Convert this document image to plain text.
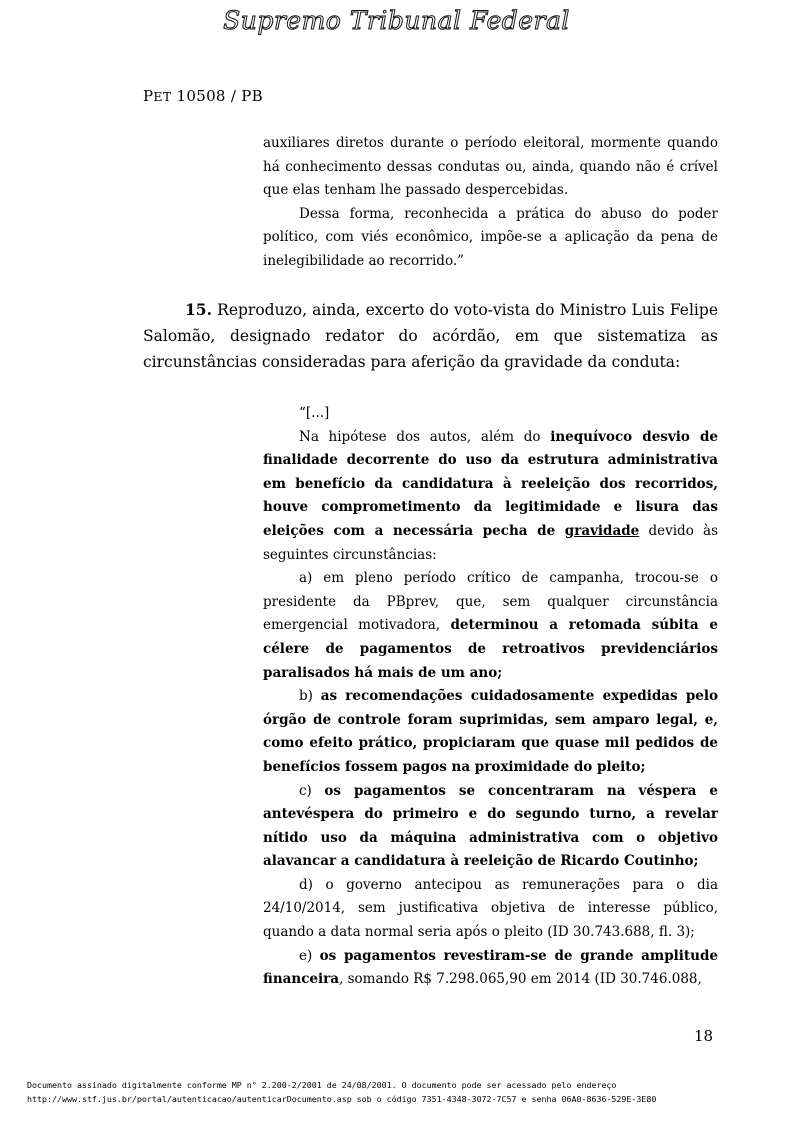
Supremo Tribunal Federal
PET 10508 / PB

auxiliares diretos durante o período eleitoral, mormente quando há conhecimento dessas condutas ou, ainda, quando não é crível que elas tenham lhe passado despercebidas.

Dessa forma, reconhecida a prática do abuso do poder político, com viés econômico, impõe-se a aplicação da pena de inelegibilidade ao recorrido.”

15. Reproduzo, ainda, excerto do voto-vista do Ministro Luis Felipe Salomão, designado redator do acórdão, em que sistematiza as circunstâncias consideradas para aferição da gravidade da conduta:

“[...]

Na hipótese dos autos, além do inequívoco desvio de finalidade decorrente do uso da estrutura administrativa em benefício da candidatura à reeleição dos recorridos, houve comprometimento da legitimidade e lisura das eleições com a necessária pecha de gravidade devido às seguintes circunstâncias:

a) em pleno período crítico de campanha, trocou-se o presidente da PBprev, que, sem qualquer circunstância emergencial motivadora, determinou a retomada súbita e célere de pagamentos de retroativos previdenciários paralisados há mais de um ano;

b) as recomendações cuidadosamente expedidas pelo órgão de controle foram suprimidas, sem amparo legal, e, como efeito prático, propiciaram que quase mil pedidos de benefícios fossem pagos na proximidade do pleito;

c) os pagamentos se concentraram na véspera e antevéspera do primeiro e do segundo turno, a revelar nítido uso da máquina administrativa com o objetivo alavancar a candidatura à reeleição de Ricardo Coutinho;

d) o governo antecipou as remunerações para o dia 24/10/2014, sem justificativa objetiva de interesse público, quando a data normal seria após o pleito (ID 30.743.688, fl. 3);

e) os pagamentos revestiram-se de grande amplitude financeira, somando R$ 7.298.065,90 em 2014 (ID 30.746.088,

18
Documento assinado digitalmente conforme MP n° 2.200-2/2001 de 24/08/2001. O documento pode ser acessado pelo endereço
http://www.stf.jus.br/portal/autenticacao/autenticarDocumento.asp sob o código 7351-4348-3072-7C57 e senha 06A0-8636-529E-3E80
